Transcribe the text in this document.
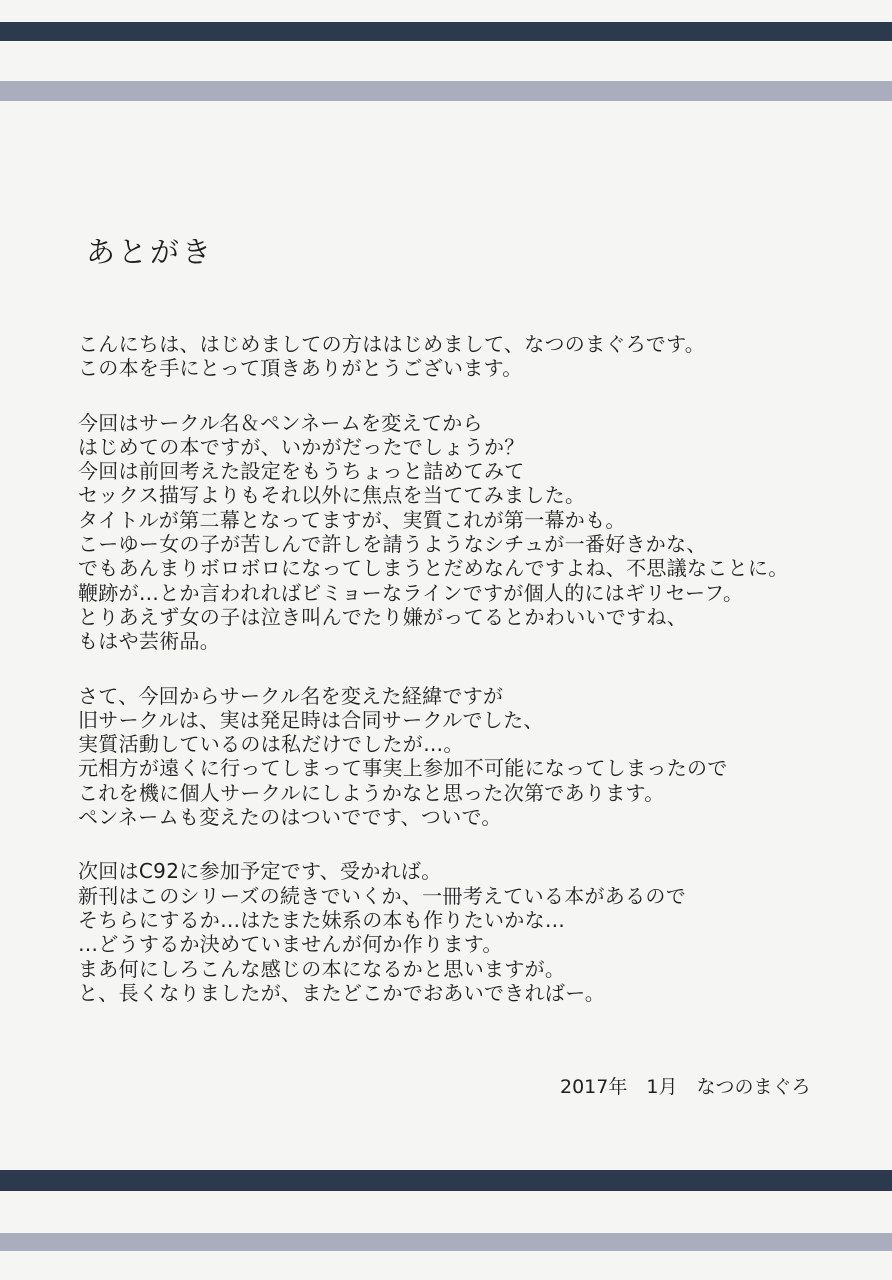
あとがき
こんにちは、はじめましての方ははじめまして、なつのまぐろです。
この本を手にとって頂きありがとうございます。
今回はサークル名＆ペンネームを変えてから
はじめての本ですが、いかがだったでしょうか？
今回は前回考えた設定をもうちょっと詰めてみて
セックス描写よりもそれ以外に焦点を当ててみました。
タイトルが第二幕となってますが、実質これが第一幕かも。
こーゆー女の子が苦しんで許しを請うようなシチュが一番好きかな、
でもあんまりボロボロになってしまうとだめなんですよね、不思議なことに。
鞭跡が…とか言われればビミョーなラインですが個人的にはギリセーフ。
とりあえず女の子は泣き叫んでたり嫌がってるとかわいいですね、
もはや芸術品。
さて、今回からサークル名を変えた経緯ですが
旧サークルは、実は発足時は合同サークルでした、
実質活動しているのは私だけでしたが…。
元相方が遠くに行ってしまって事実上参加不可能になってしまったので
これを機に個人サークルにしようかなと思った次第であります。
ペンネームも変えたのはついでです、ついで。
次回はC92に参加予定です、受かれば。
新刊はこのシリーズの続きでいくか、一冊考えている本があるので
そちらにするか…はたまた妹系の本も作りたいかな…
…どうするか決めていませんが何か作ります。
まあ何にしろこんな感じの本になるかと思いますが。
と、長くなりましたが、またどこかでおあいできればー。
2017年　1月　なつのまぐろ
